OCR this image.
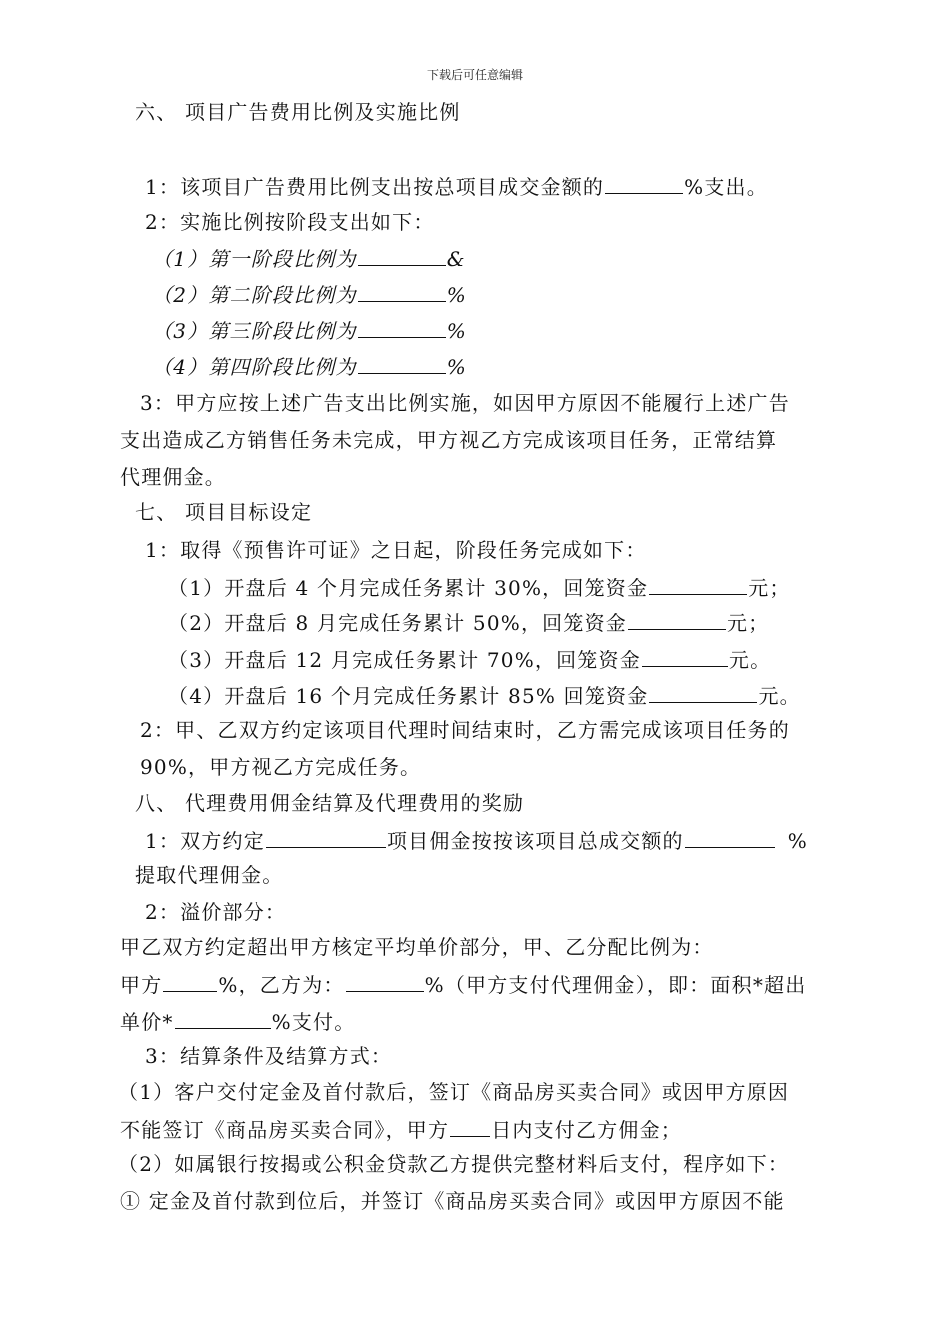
下载后可任意编辑
六、 项目广告费用比例及实施比例
1：该项目广告费用比例支出按总项目成交金额的	%支出。
2：实施比例按阶段支出如下：
（1）第一阶段比例为	&
（2）第二阶段比例为	%
（3）第三阶段比例为	%
（4）第四阶段比例为	%
3：甲方应按上述广告支出比例实施，如因甲方原因不能履行上述广告
支出造成乙方销售任务未完成，甲方视乙方完成该项目任务，正常结算
代理佣金。
七、 项目目标设定
1：取得《预售许可证》之日起，阶段任务完成如下：
（1）开盘后 4 个月完成任务累计 30%，回笼资金	元；
（2）开盘后 8 月完成任务累计 50%，回笼资金	元；
（3）开盘后 12 月完成任务累计 70%，回笼资金	元。
（4）开盘后 16 个月完成任务累计 85% 回笼资金	元。
2：甲、乙双方约定该项目代理时间结束时，乙方需完成该项目任务的
90%，甲方视乙方完成任务。
八、 代理费用佣金结算及代理费用的奖励
1：双方约定	项目佣金按按该项目总成交额的	%
提取代理佣金。
2：溢价部分：
甲乙双方约定超出甲方核定平均单价部分，甲、乙分配比例为：
甲方	%，乙方为：	%（甲方支付代理佣金），即：面积*超出
单价*	%支付。
3：结算条件及结算方式：
（1）客户交付定金及首付款后，签订《商品房买卖合同》或因甲方原因
不能签订《商品房买卖合同》，甲方 日内支付乙方佣金；
（2）如属银行按揭或公积金贷款乙方提供完整材料后支付，程序如下：
① 定金及首付款到位后，并签订《商品房买卖合同》或因甲方原因不能
